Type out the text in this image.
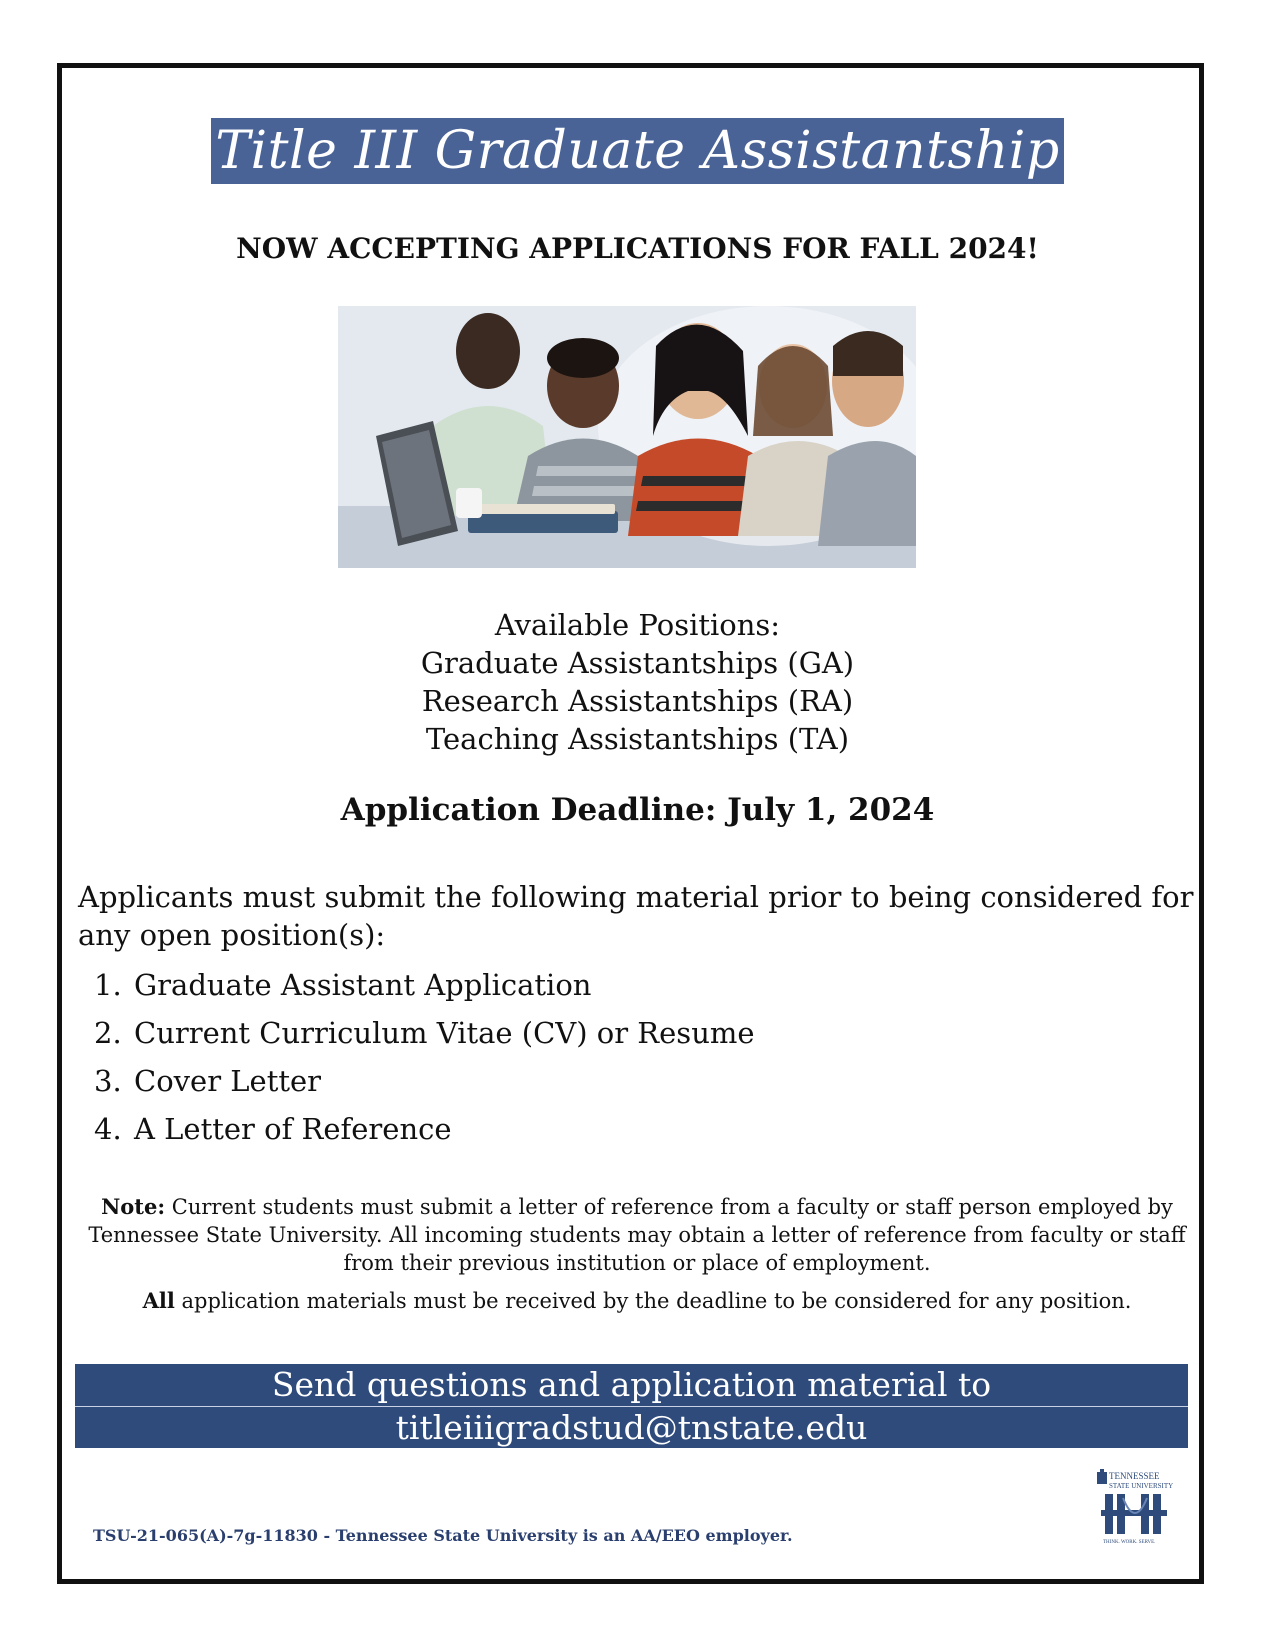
Title III Graduate Assistantship
NOW ACCEPTING APPLICATIONS FOR FALL 2024!
Available Positions:
Graduate Assistantships (GA)
Research Assistantships (RA)
Teaching Assistantships (TA)
Application Deadline: July 1, 2024
Applicants must submit the following material prior to being considered for any open position(s):
1. Graduate Assistant Application
2. Current Curriculum Vitae (CV) or Resume
3. Cover Letter
4. A Letter of Reference
Note: Current students must submit a letter of reference from a faculty or staff person employed by Tennessee State University. All incoming students may obtain a letter of reference from faculty or staff from their previous institution or place of employment.
All application materials must be received by the deadline to be considered for any position.
Send questions and application material to
titleiiigradstud@tnstate.edu
TSU-21-065(A)-7g-11830 - Tennessee State University is an AA/EEO employer.
TENNESSEE
STATE UNIVERSITY
THINK. WORK. SERVE.
